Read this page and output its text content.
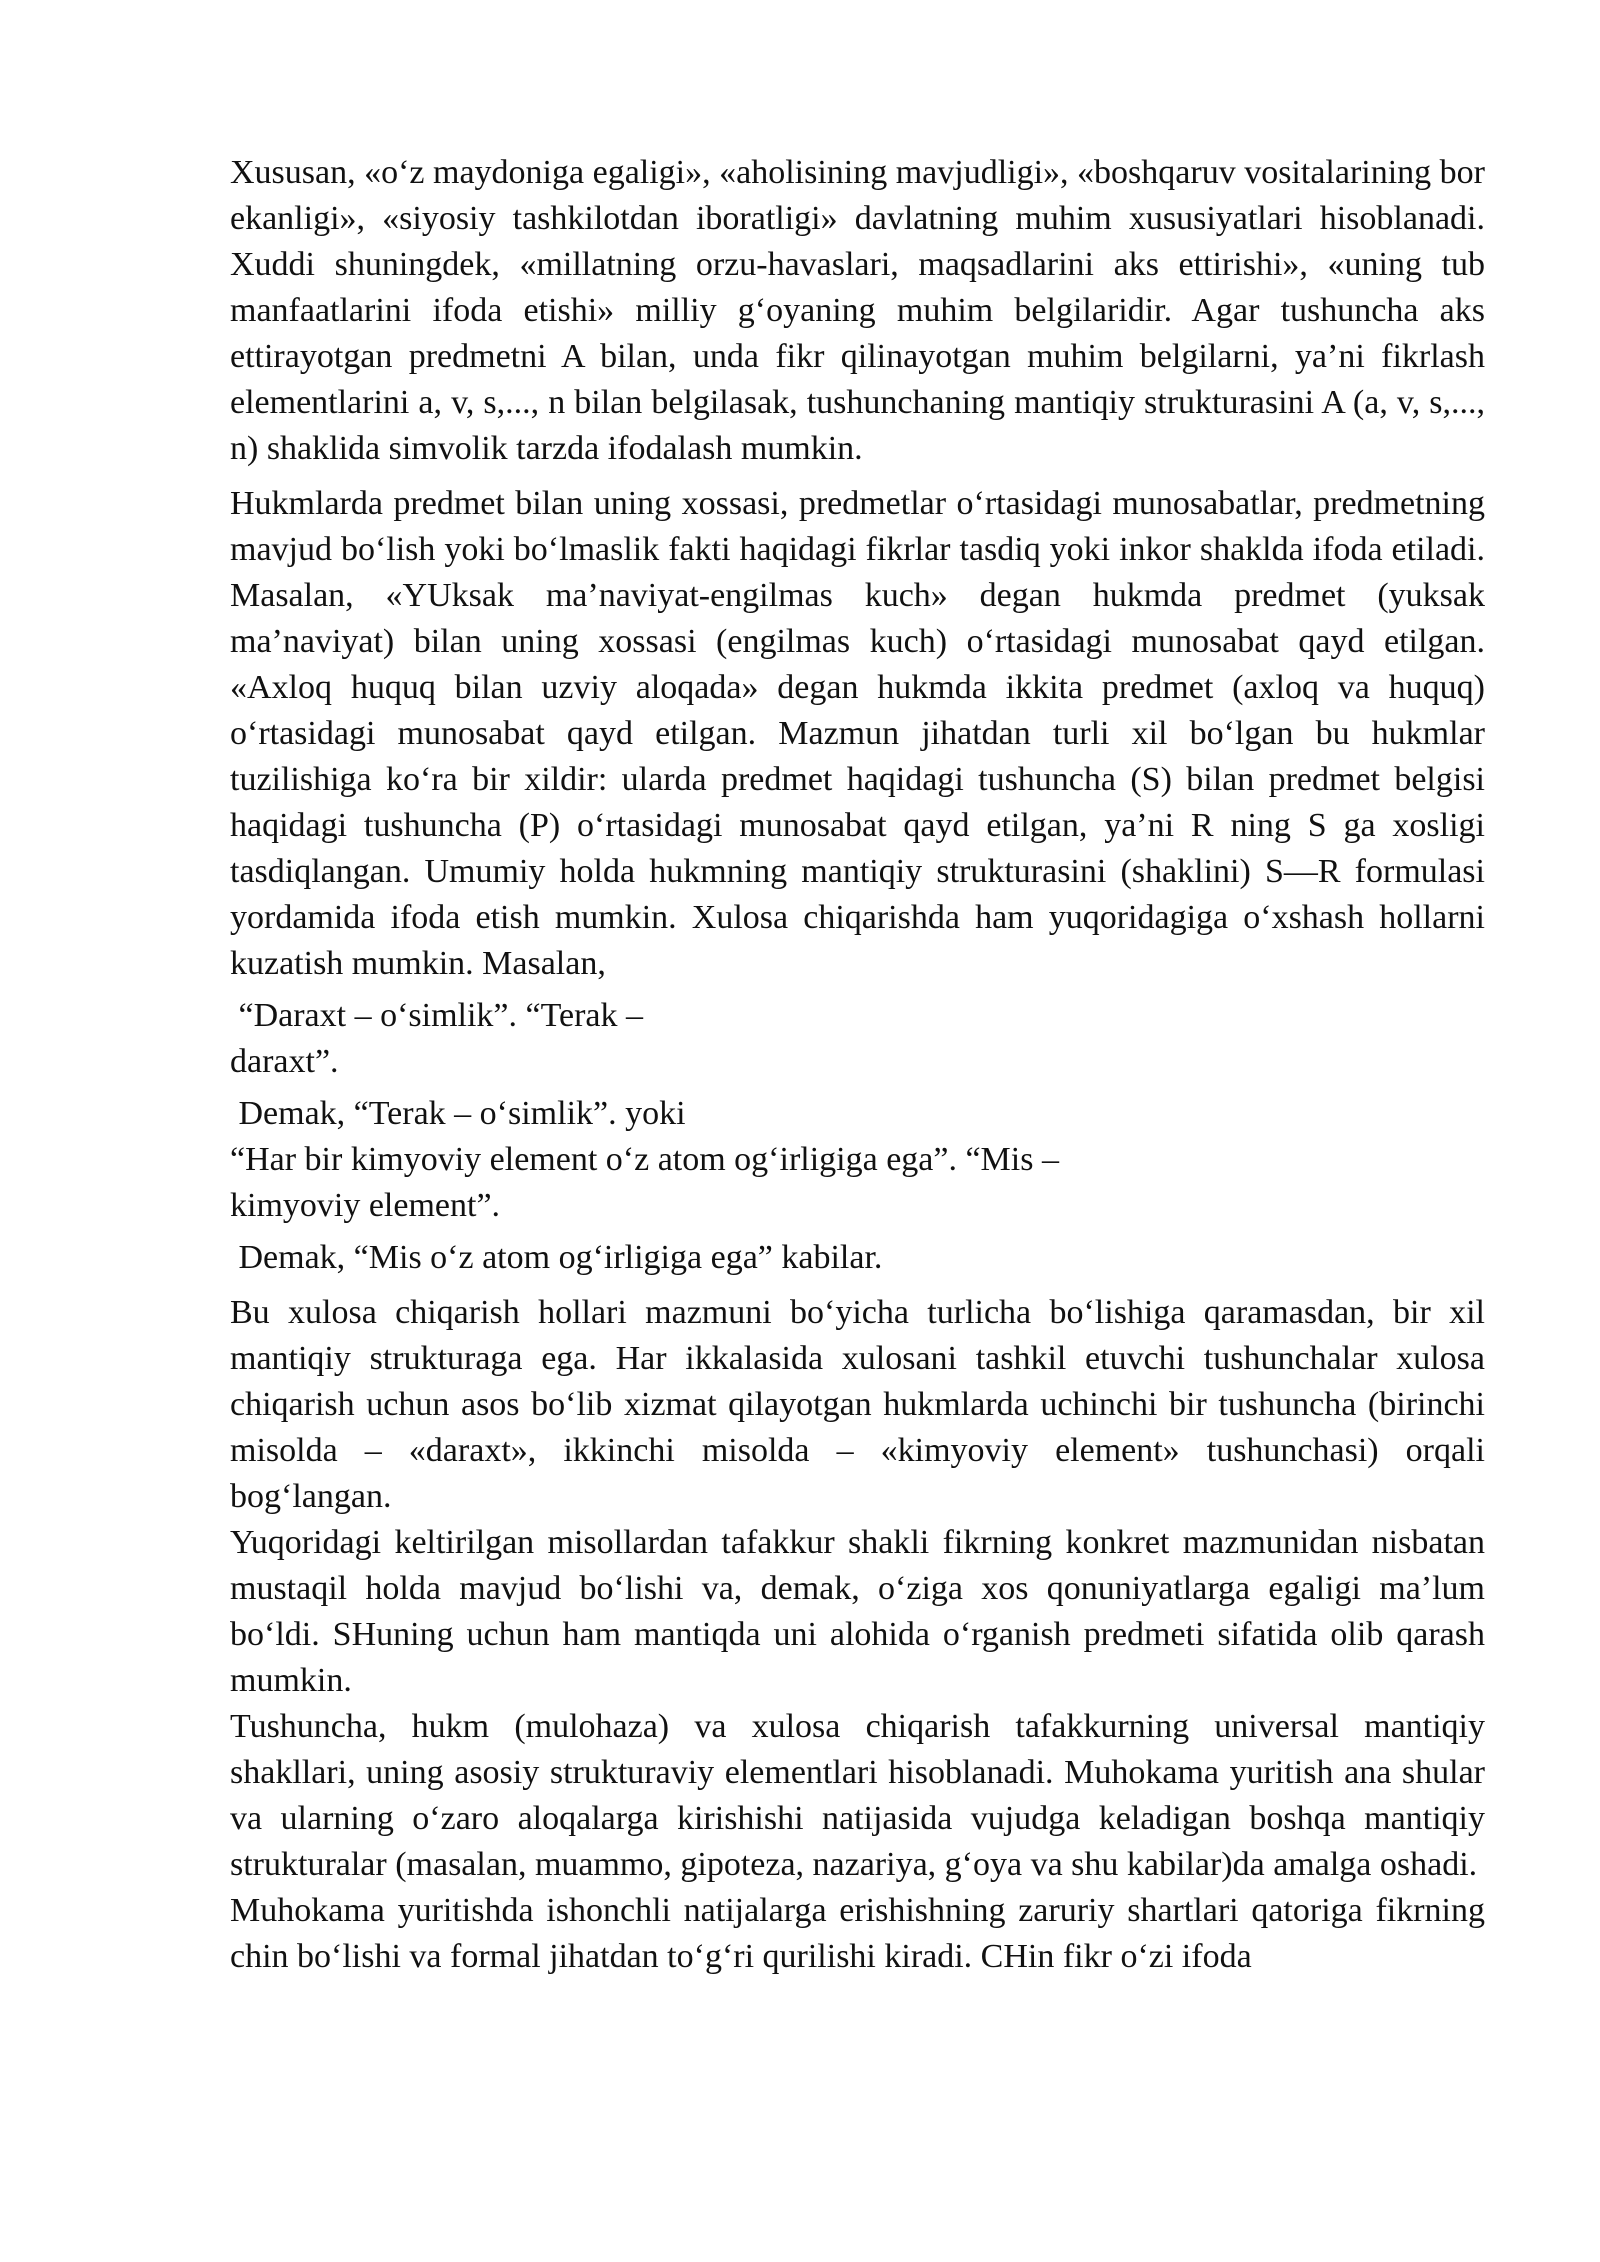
Xususan, «o‘z maydoniga egaligi», «aholisining mavjudligi», «boshqaruv vositalarining bor ekanligi», «siyosiy tashkilotdan iboratligi» davlatning muhim xususiyatlari hisoblanadi. Xuddi shuningdek, «millatning orzu-havaslari, maqsadlarini aks ettirishi», «uning tub manfaatlarini ifoda etishi» milliy g‘oyaning muhim belgilaridir. Agar tushuncha aks ettirayotgan predmetni A bilan, unda fikr qilinayotgan muhim belgilarni, ya’ni fikrlash elementlarini a, v, s,..., n bilan belgilasak, tushunchaning mantiqiy strukturasini A (a, v, s,..., n) shaklida simvolik tarzda ifodalash mumkin.

Hukmlarda predmet bilan uning xossasi, predmetlar o‘rtasidagi munosabatlar, predmetning mavjud bo‘lish yoki bo‘lmaslik fakti haqidagi fikrlar tasdiq yoki inkor shaklda ifoda etiladi. Masalan, «YUksak ma’naviyat-engilmas kuch» degan hukmda predmet (yuksak ma’naviyat) bilan uning xossasi (engilmas kuch) o‘rtasidagi munosabat qayd etilgan. «Axloq huquq bilan uzviy aloqada» degan hukmda ikkita predmet (axloq va huquq) o‘rtasidagi munosabat qayd etilgan. Mazmun jihatdan turli xil bo‘lgan bu hukmlar tuzilishiga ko‘ra bir xildir: ularda predmet haqidagi tushuncha (S) bilan predmet belgisi haqidagi tushuncha (P) o‘rtasidagi munosabat qayd etilgan, ya’ni R ning S ga xosligi tasdiqlangan. Umumiy holda hukmning mantiqiy strukturasini (shaklini) S—R formulasi yordamida ifoda etish mumkin. Xulosa chiqarishda ham yuqoridagiga o‘xshash hollarni kuzatish mumkin. Masalan,

“Daraxt – o‘simlik”. “Terak –

daraxt”.

Demak, “Terak – o‘simlik”. yoki

“Har bir kimyoviy element o‘z atom og‘irligiga ega”. “Mis –

kimyoviy element”.

Demak, “Mis o‘z atom og‘irligiga ega” kabilar.

Bu xulosa chiqarish hollari mazmuni bo‘yicha turlicha bo‘lishiga qaramasdan, bir xil mantiqiy strukturaga ega. Har ikkalasida xulosani tashkil etuvchi tushunchalar xulosa chiqarish uchun asos bo‘lib xizmat qilayotgan hukmlarda uchinchi bir tushuncha (birinchi misolda – «daraxt», ikkinchi misolda – «kimyoviy element» tushunchasi) orqali bog‘langan.

Yuqoridagi keltirilgan misollardan tafakkur shakli fikrning konkret mazmunidan nisbatan mustaqil holda mavjud bo‘lishi va, demak, o‘ziga xos qonuniyatlarga egaligi ma’lum bo‘ldi. SHuning uchun ham mantiqda uni alohida o‘rganish predmeti sifatida olib qarash mumkin.

Tushuncha, hukm (mulohaza) va xulosa chiqarish tafakkurning universal mantiqiy shakllari, uning asosiy strukturaviy elementlari hisoblanadi. Muhokama yuritish ana shular va ularning o‘zaro aloqalarga kirishishi natijasida vujudga keladigan boshqa mantiqiy strukturalar (masalan, muammo, gipoteza, nazariya, g‘oya va shu kabilar)da amalga oshadi.

Muhokama yuritishda ishonchli natijalarga erishishning zaruriy shartlari qatoriga fikrning chin bo‘lishi va formal jihatdan to‘g‘ri qurilishi kiradi. CHin fikr o‘zi ifoda
